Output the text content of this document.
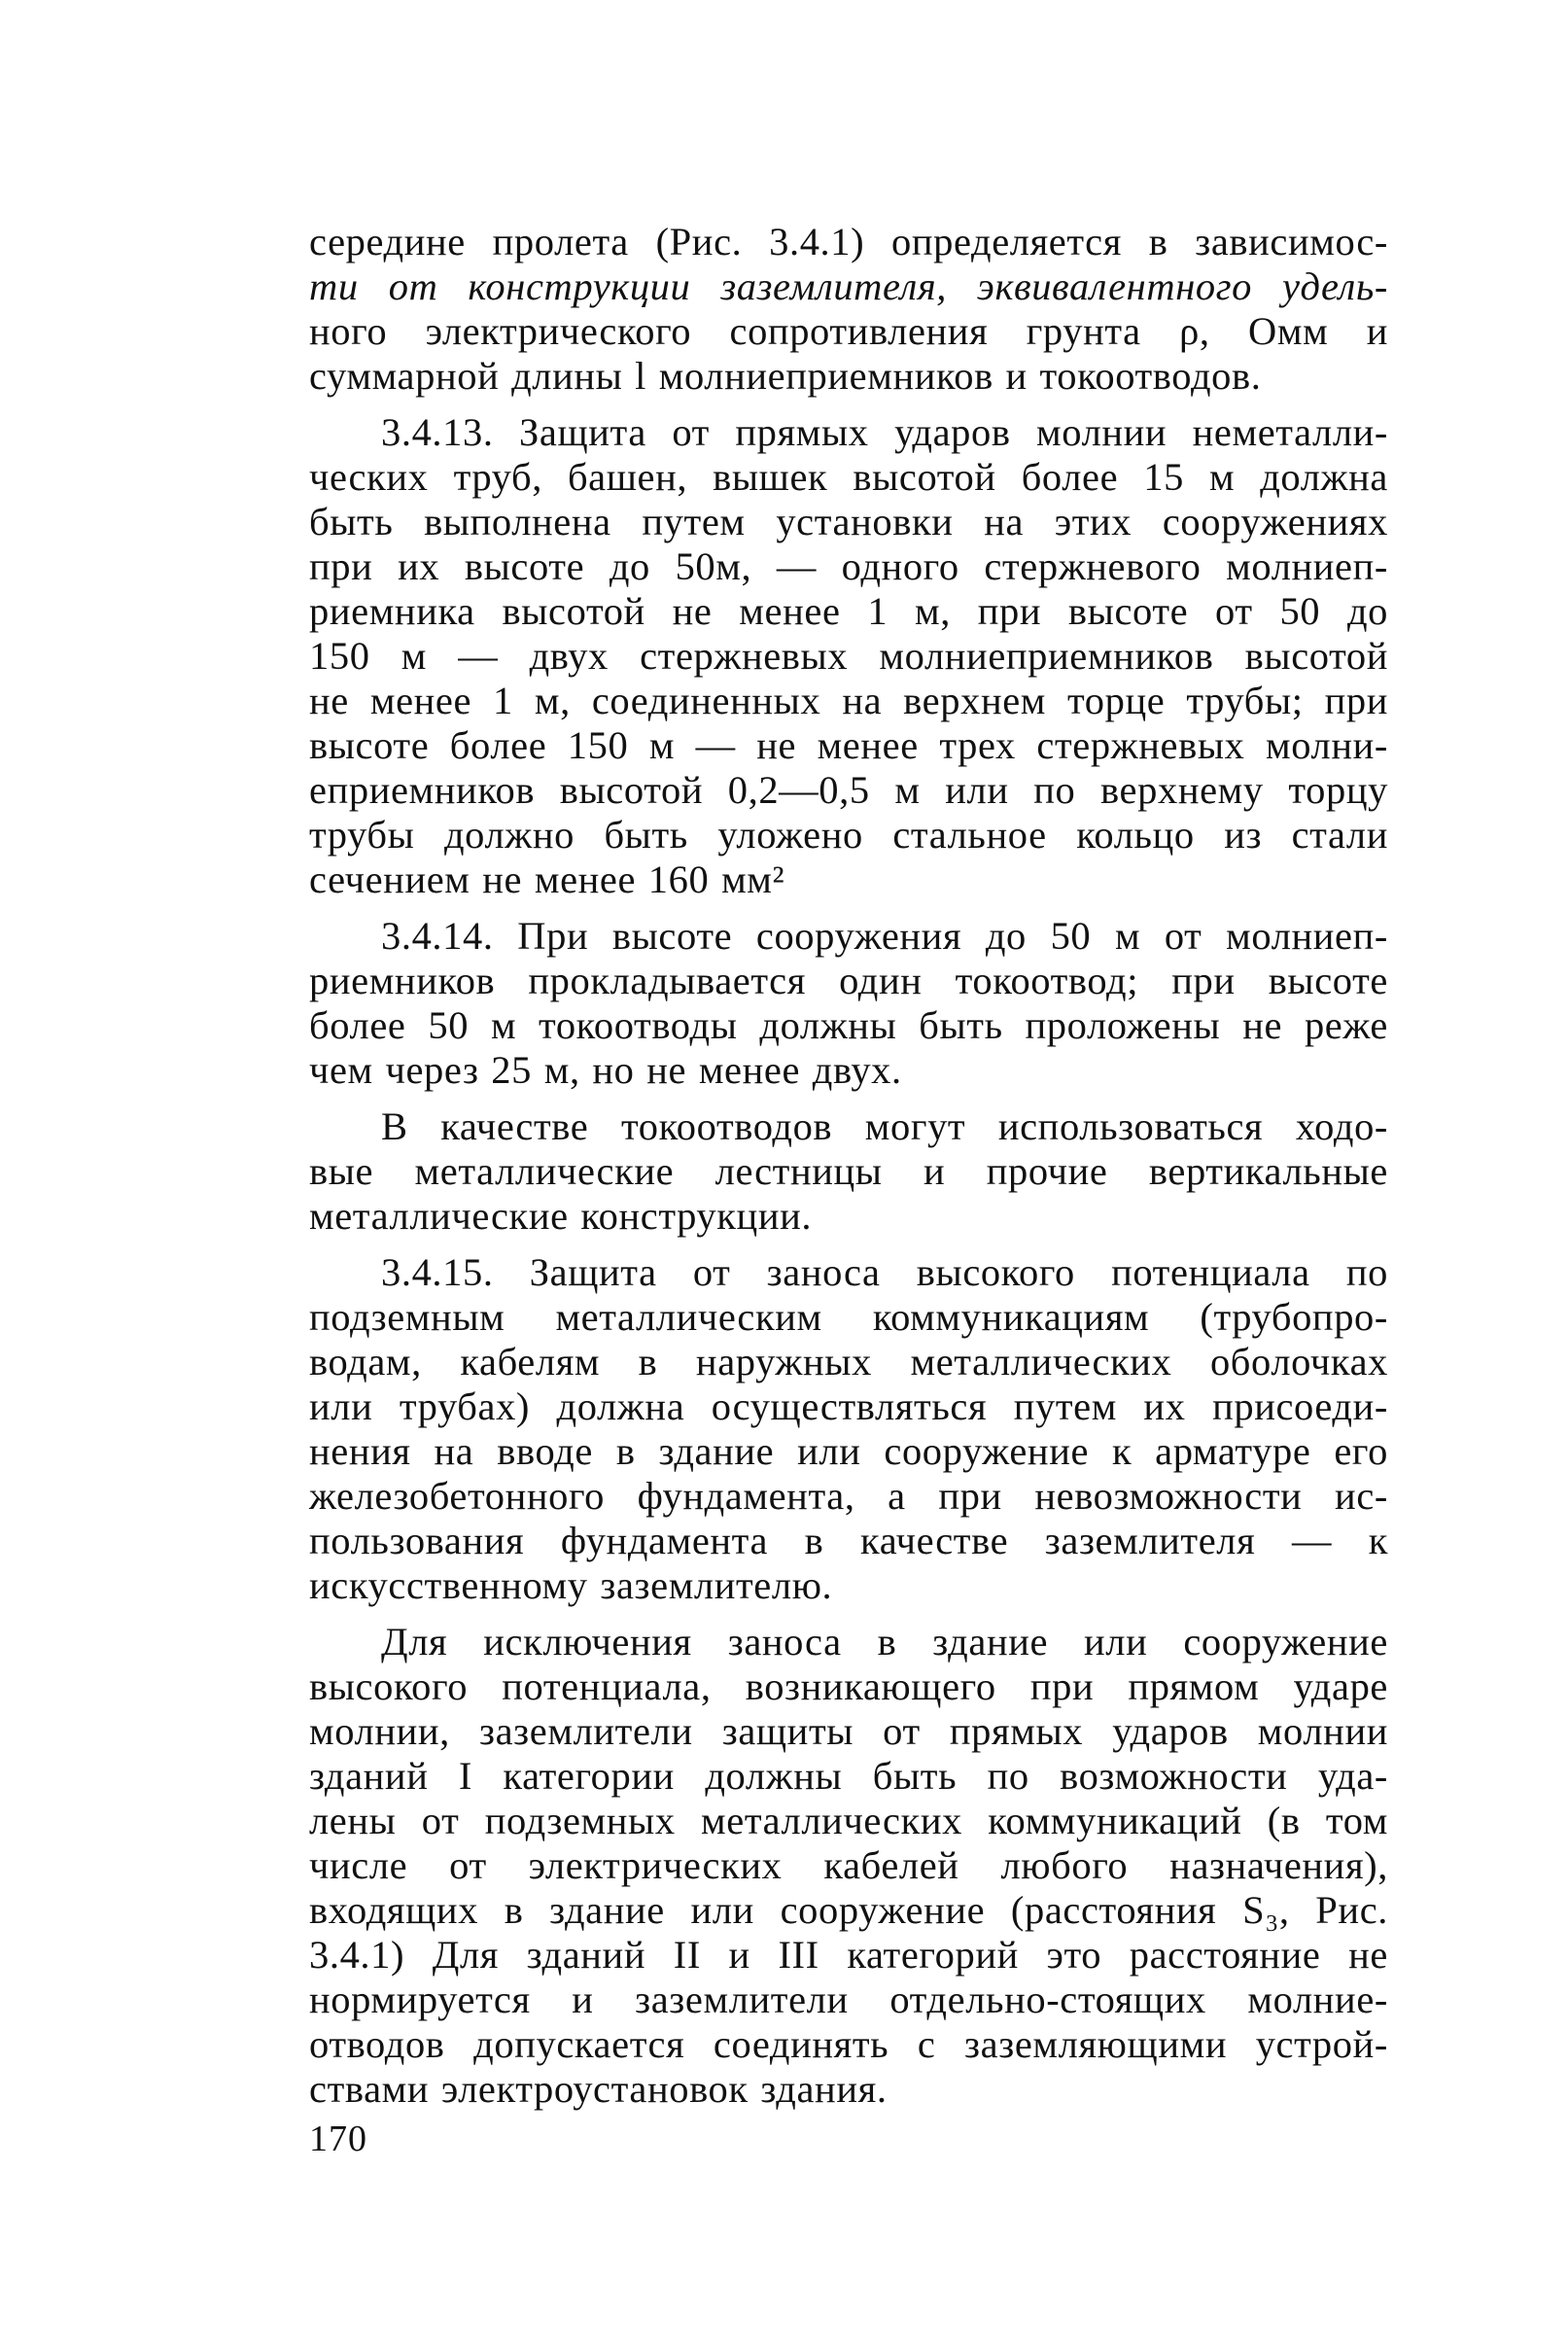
середине пролета (Рис. 3.4.1) определяется в зависимос-
ти от конструкции заземлителя, эквивалентного удель-
ного электрического сопротивления грунта ρ, Омм и
суммарной длины l молниеприемников и токоотводов.

3.4.13. Защита от прямых ударов молнии неметалли-
ческих труб, башен, вышек высотой более 15 м должна
быть выполнена путем установки на этих сооружениях
при их высоте до 50м, — одного стержневого молниеп-
риемника высотой не менее 1 м, при высоте от 50 до
150 м — двух стержневых молниеприемников высотой
не менее 1 м, соединенных на верхнем торце трубы; при
высоте более 150 м — не менее трех стержневых молни-
еприемников высотой 0,2—0,5 м или по верхнему торцу
трубы должно быть уложено стальное кольцо из стали
сечением не менее 160 мм²

3.4.14. При высоте сооружения до 50 м от молниеп-
риемников прокладывается один токоотвод; при высоте
более 50 м токоотводы должны быть проложены не реже
чем через 25 м, но не менее двух.

В качестве токоотводов могут использоваться ходо-
вые металлические лестницы и прочие вертикальные
металлические конструкции.

3.4.15. Защита от заноса высокого потенциала по
подземным металлическим коммуникациям (трубопро-
водам, кабелям в наружных металлических оболочках
или трубах) должна осуществляться путем их присоеди-
нения на вводе в здание или сооружение к арматуре его
железобетонного фундамента, а при невозможности ис-
пользования фундамента в качестве заземлителя — к
искусственному заземлителю.

Для исключения заноса в здание или сооружение
высокого потенциала, возникающего при прямом ударе
молнии, заземлители защиты от прямых ударов молнии
зданий I категории должны быть по возможности уда-
лены от подземных металлических коммуникаций (в том
числе от электрических кабелей любого назначения),
входящих в здание или сооружение (расстояния S₃, Рис.
3.4.1) Для зданий II и III категорий это расстояние не
нормируется и заземлители отдельно-стоящих молние-
отводов допускается соединять с заземляющими устрой-
ствами электроустановок здания.

170
